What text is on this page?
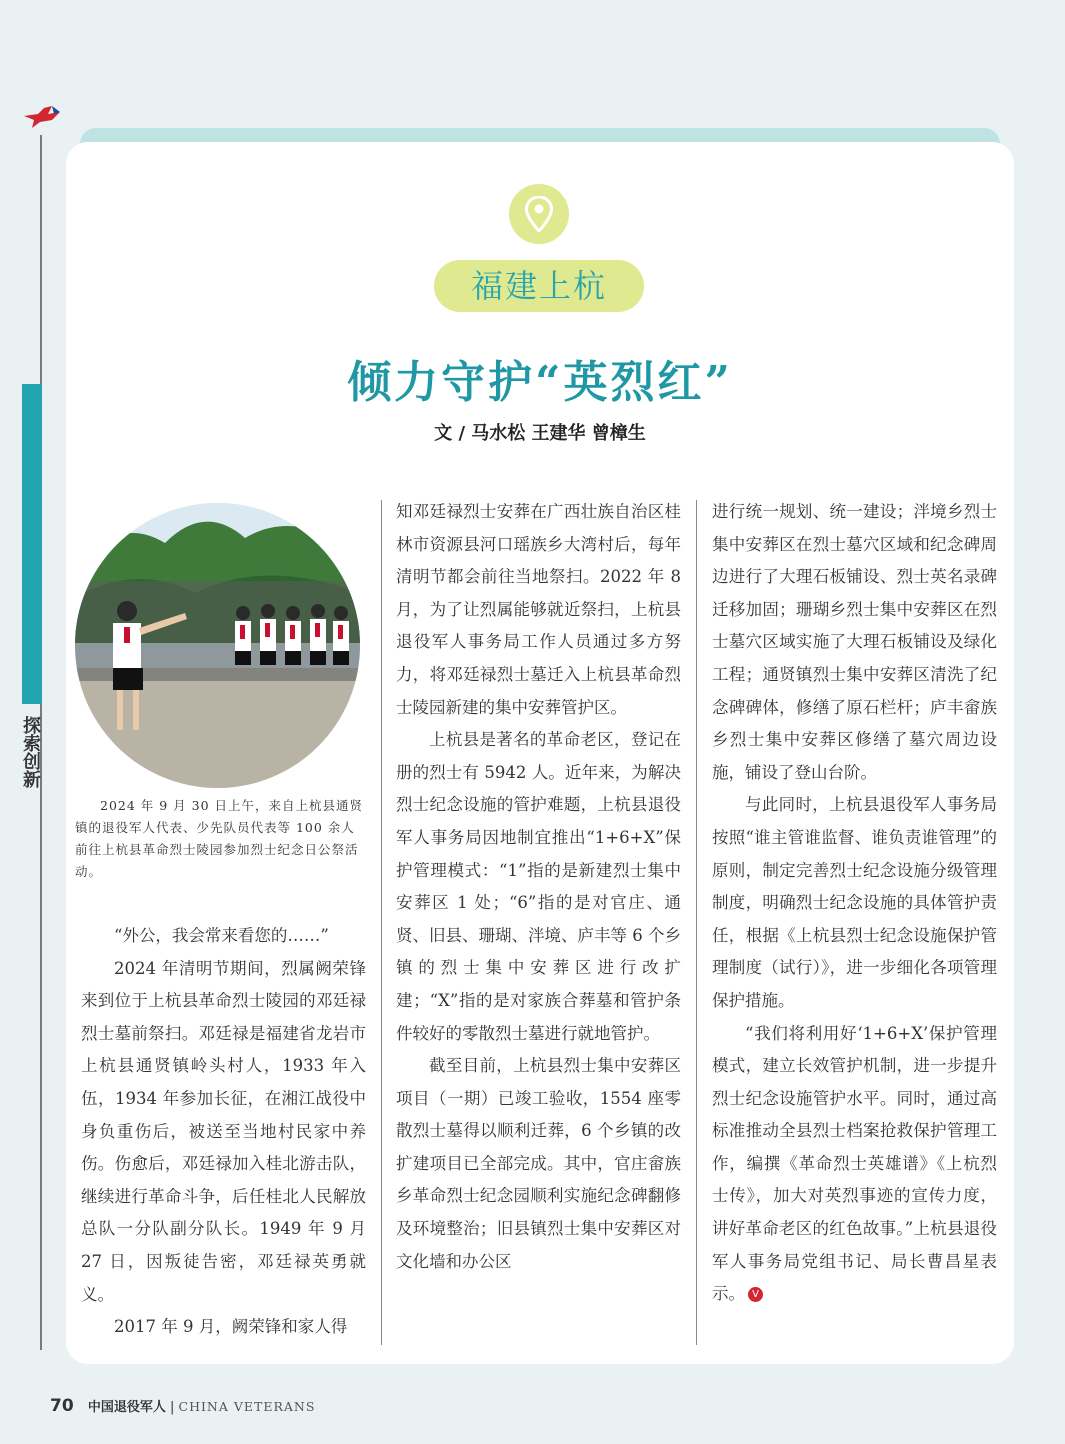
探索创新
福建上杭
倾力守护“英烈红”
文 / 马水松 王建华 曾樟生

2024 年 9 月 30 日上午，来自上杭县通贤镇的退役军人代表、少先队员代表等 100 余人前往上杭县革命烈士陵园参加烈士纪念日公祭活动。

“外公，我会常来看您的……”

2024 年清明节期间，烈属阙荣锋来到位于上杭县革命烈士陵园的邓廷禄烈士墓前祭扫。邓廷禄是福建省龙岩市上杭县通贤镇岭头村人，1933 年入伍，1934 年参加长征，在湘江战役中身负重伤后，被送至当地村民家中养伤。伤愈后，邓廷禄加入桂北游击队，继续进行革命斗争，后任桂北人民解放总队一分队副分队长。1949 年 9 月 27 日，因叛徒告密，邓廷禄英勇就义。

2017 年 9 月，阙荣锋和家人得

知邓廷禄烈士安葬在广西壮族自治区桂林市资源县河口瑶族乡大湾村后，每年清明节都会前往当地祭扫。2022 年 8 月，为了让烈属能够就近祭扫，上杭县退役军人事务局工作人员通过多方努力，将邓廷禄烈士墓迁入上杭县革命烈士陵园新建的集中安葬管护区。

上杭县是著名的革命老区，登记在册的烈士有 5942 人。近年来，为解决烈士纪念设施的管护难题，上杭县退役军人事务局因地制宜推出“1+6+X”保护管理模式：“1”指的是新建烈士集中安葬区 1 处；“6”指的是对官庄、通贤、旧县、珊瑚、泮境、庐丰等 6 个乡镇的烈士集中安葬区进行改扩建；“X”指的是对家族合葬墓和管护条件较好的零散烈士墓进行就地管护。

截至目前，上杭县烈士集中安葬区项目（一期）已竣工验收，1554 座零散烈士墓得以顺利迁葬，6 个乡镇的改扩建项目已全部完成。其中，官庄畲族乡革命烈士纪念园顺利实施纪念碑翻修及环境整治；旧县镇烈士集中安葬区对文化墙和办公区

进行统一规划、统一建设；泮境乡烈士集中安葬区在烈士墓穴区域和纪念碑周边进行了大理石板铺设、烈士英名录碑迁移加固；珊瑚乡烈士集中安葬区在烈士墓穴区域实施了大理石板铺设及绿化工程；通贤镇烈士集中安葬区清洗了纪念碑碑体，修缮了原石栏杆；庐丰畲族乡烈士集中安葬区修缮了墓穴周边设施，铺设了登山台阶。

与此同时，上杭县退役军人事务局按照“谁主管谁监督、谁负责谁管理”的原则，制定完善烈士纪念设施分级管理制度，明确烈士纪念设施的具体管护责任，根据《上杭县烈士纪念设施保护管理制度（试行）》，进一步细化各项管理保护措施。

“我们将利用好‘1+6+X’保护管理模式，建立长效管护机制，进一步提升烈士纪念设施管护水平。同时，通过高标准推动全县烈士档案抢救保护管理工作，编撰《革命烈士英雄谱》《上杭烈士传》，加大对英烈事迹的宣传力度，讲好革命老区的红色故事。”上杭县退役军人事务局党组书记、局长曹昌星表示。 V

70 中国退役军人 | CHINA VETERANS
